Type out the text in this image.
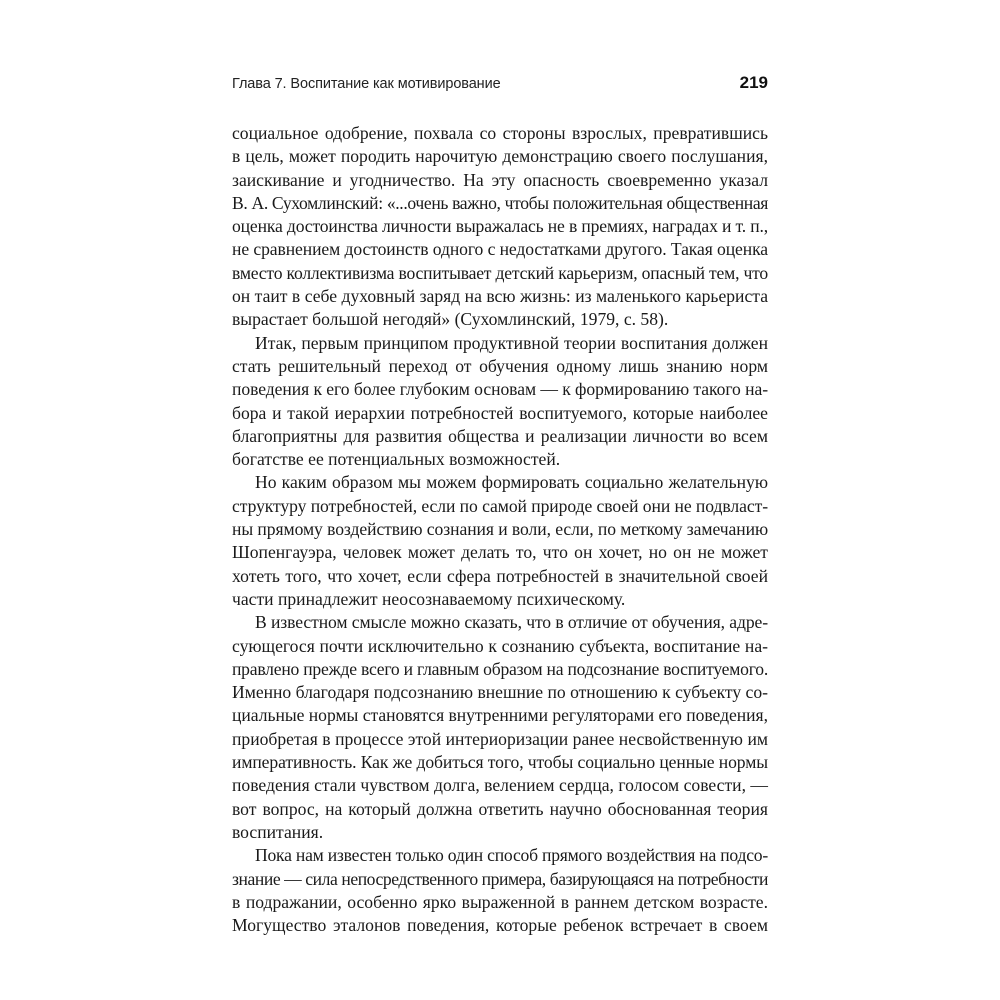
Глава 7. Воспитание как мотивирование	219

социальное одобрение, похвала со стороны взрослых, превратившись
в цель, может породить нарочитую демонстрацию своего послушания,
заискивание и угодничество. На эту опасность своевременно указал
В. А. Сухомлинский: «...очень важно, чтобы положительная общественная
оценка достоинства личности выражалась не в премиях, наградах и т. п.,
не сравнением достоинств одного с недостатками другого. Такая оценка
вместо коллективизма воспитывает детский карьеризм, опасный тем, что
он таит в себе духовный заряд на всю жизнь: из маленького карьериста
вырастает большой негодяй» (Сухомлинский, 1979, с. 58).

Итак, первым принципом продуктивной теории воспитания должен
стать решительный переход от обучения одному лишь знанию норм
поведения к его более глубоким основам — к формированию такого на-
бора и такой иерархии потребностей воспитуемого, которые наиболее
благоприятны для развития общества и реализации личности во всем
богатстве ее потенциальных возможностей.

Но каким образом мы можем формировать социально желательную
структуру потребностей, если по самой природе своей они не подвласт-
ны прямому воздействию сознания и воли, если, по меткому замечанию
Шопенгауэра, человек может делать то, что он хочет, но он не может
хотеть того, что хочет, если сфера потребностей в значительной своей
части принадлежит неосознаваемому психическому.

В известном смысле можно сказать, что в отличие от обучения, адре-
сующегося почти исключительно к сознанию субъекта, воспитание на-
правлено прежде всего и главным образом на подсознание воспитуемого.
Именно благодаря подсознанию внешние по отношению к субъекту со-
циальные нормы становятся внутренними регуляторами его поведения,
приобретая в процессе этой интериоризации ранее несвойственную им
императивность. Как же добиться того, чтобы социально ценные нормы
поведения стали чувством долга, велением сердца, голосом совести, —
вот вопрос, на который должна ответить научно обоснованная теория
воспитания.

Пока нам известен только один способ прямого воздействия на подсо-
знание — сила непосредственного примера, базирующаяся на потребности
в подражании, особенно ярко выраженной в раннем детском возрасте.
Могущество эталонов поведения, которые ребенок встречает в своем
